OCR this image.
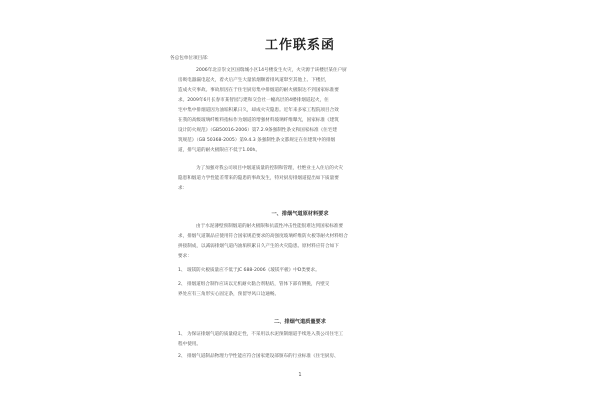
工作联系函
各总包单位项目部：
2006年北京崇文区国瑞城小区14号楼发生火灾，火灾源于该楼层某住户厨
房吸电器漏电起火，着火后产生大量浓烟顺着排风道窜至其他上、下楼层，
造成火灾事故。事故原因在于住宅厨房集中排烟道的耐火极限达不到国家标准要
求。2009年6月长春市某智园与建和交会社一幢高层的4楼排烟道起火，住
宅中集中排烟道因为油垢积累日久，却成火灾隐患。近年来多家工程院项目合效
在我的高级玻璃纤维料指标作为烟道的增强材料玻璃纤维曝光，国家标准《建筑
设计防火规范》（GB50016-2006）第7.2.9条强制性条文和国家标准《住宅建
筑规范》（GB 50368-2005）第9.4.3 条强制性条文都规定在住建筑中的排烟
道，排气道的耐火极限应不低于1.00h。
为了加强对我公司项目中烟道质量的控制和管理，杜绝业主入住后的火灾
隐患和烟道力学性能差带来的隐患的事故发生，特对厨房排烟道提出如下质量要
求：
一、排烟气道原材料要求
由于水泥薄壁预制烟道的耐火极限和抗震性冲击性能很难达到国家标准要
求，排烟气道制品应使用符合国家规范要求的高强度玻璃纤维防火板等耐火材料组合
拼接制成，以减弱排烟气道内油垢积累日久产生的火灾隐患。原材料应符合如下
要求：
1、 玻镁防火板质量应不低于JC 688-2006《玻镁平板》中D类要求。
2、 排烟道组合制作应该以无机耐火黏合剂粘结，管体下部有侧挑，内壁交
界处应有三角形实心固定条，预留导风口边通畅。
二、排烟气道质量要求
1、 为保证排烟气道的质量稳定性，不采用以水泥预制烟道手续进入我公司住宅工
程中使用。
2、 排烟气道制品物理力学性能应符合国家建设部颁布的行业标准《住宅厨房、
1
